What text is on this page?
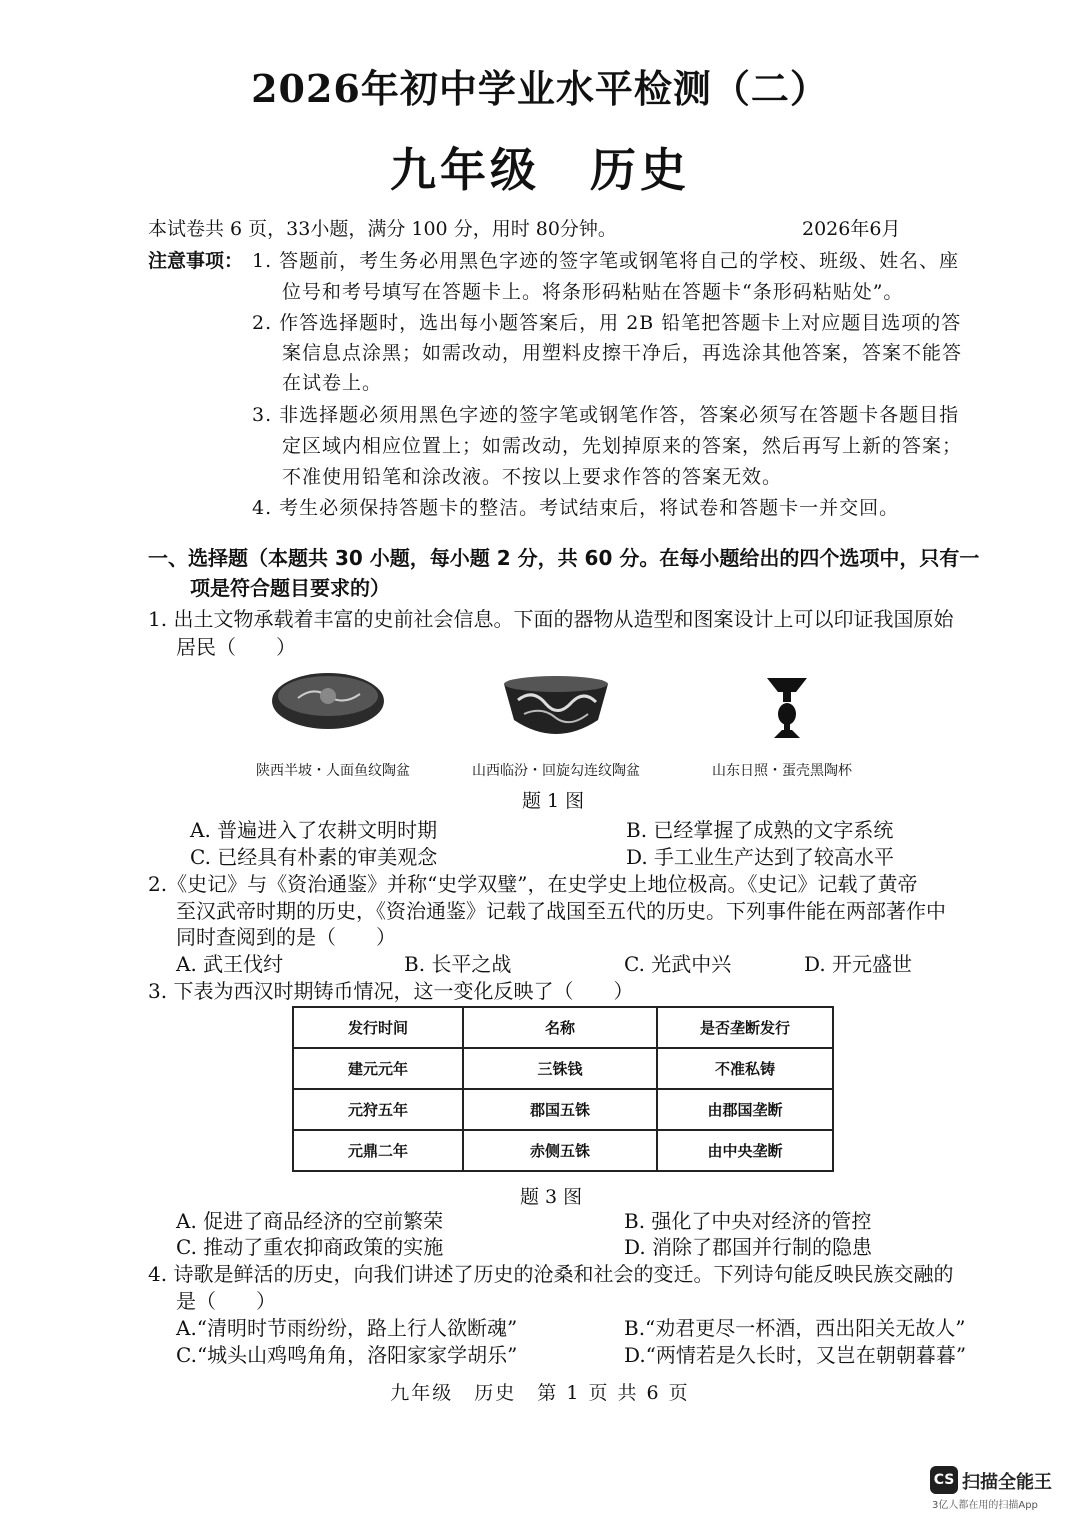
2026年初中学业水平检测（二）
九年级　历史
本试卷共 6 页，33小题，满分 100 分，用时 80分钟。	2026年6月
注意事项： 1. 答题前，考生务必用黑色字迹的签字笔或钢笔将自己的学校、班级、姓名、座
位号和考号填写在答题卡上。将条形码粘贴在答题卡“条形码粘贴处”。
2. 作答选择题时，选出每小题答案后，用 2B 铅笔把答题卡上对应题目选项的答
案信息点涂黑；如需改动，用塑料皮擦干净后，再选涂其他答案，答案不能答
在试卷上。
3. 非选择题必须用黑色字迹的签字笔或钢笔作答，答案必须写在答题卡各题目指
定区域内相应位置上；如需改动，先划掉原来的答案，然后再写上新的答案；
不准使用铅笔和涂改液。不按以上要求作答的答案无效。
4. 考生必须保持答题卡的整洁。考试结束后，将试卷和答题卡一并交回。
一、选择题（本题共 30 小题，每小题 2 分，共 60 分。在每小题给出的四个选项中，只有一
项是符合题目要求的）
1. 出土文物承载着丰富的史前社会信息。下面的器物从造型和图案设计上可以印证我国原始
居民（　　）
陕西半坡・人面鱼纹陶盆	山西临汾・回旋勾连纹陶盆	山东日照・蛋壳黑陶杯
题 1 图
A. 普遍进入了农耕文明时期	B. 已经掌握了成熟的文字系统
C. 已经具有朴素的审美观念	D. 手工业生产达到了较高水平
2.《史记》与《资治通鉴》并称“史学双璧”，在史学史上地位极高。《史记》记载了黄帝
至汉武帝时期的历史，《资治通鉴》记载了战国至五代的历史。下列事件能在两部著作中
同时查阅到的是（　　）
A. 武王伐纣	B. 长平之战	C. 光武中兴	D. 开元盛世
3. 下表为西汉时期铸币情况，这一变化反映了（　　）
发行时间	名称	是否垄断发行
建元元年	三铢钱	不准私铸
元狩五年	郡国五铢	由郡国垄断
元鼎二年	赤侧五铢	由中央垄断
题 3 图
A. 促进了商品经济的空前繁荣	B. 强化了中央对经济的管控
C. 推动了重农抑商政策的实施	D. 消除了郡国并行制的隐患
4. 诗歌是鲜活的历史，向我们讲述了历史的沧桑和社会的变迁。下列诗句能反映民族交融的
是（　　）
A.“清明时节雨纷纷，路上行人欲断魂”	B.“劝君更尽一杯酒，西出阳关无故人”
C.“城头山鸡鸣角角，洛阳家家学胡乐”	D.“两情若是久长时，又岂在朝朝暮暮”
九年级　历史　第 1 页 共 6 页
CS 扫描全能王
3亿人都在用的扫描App
